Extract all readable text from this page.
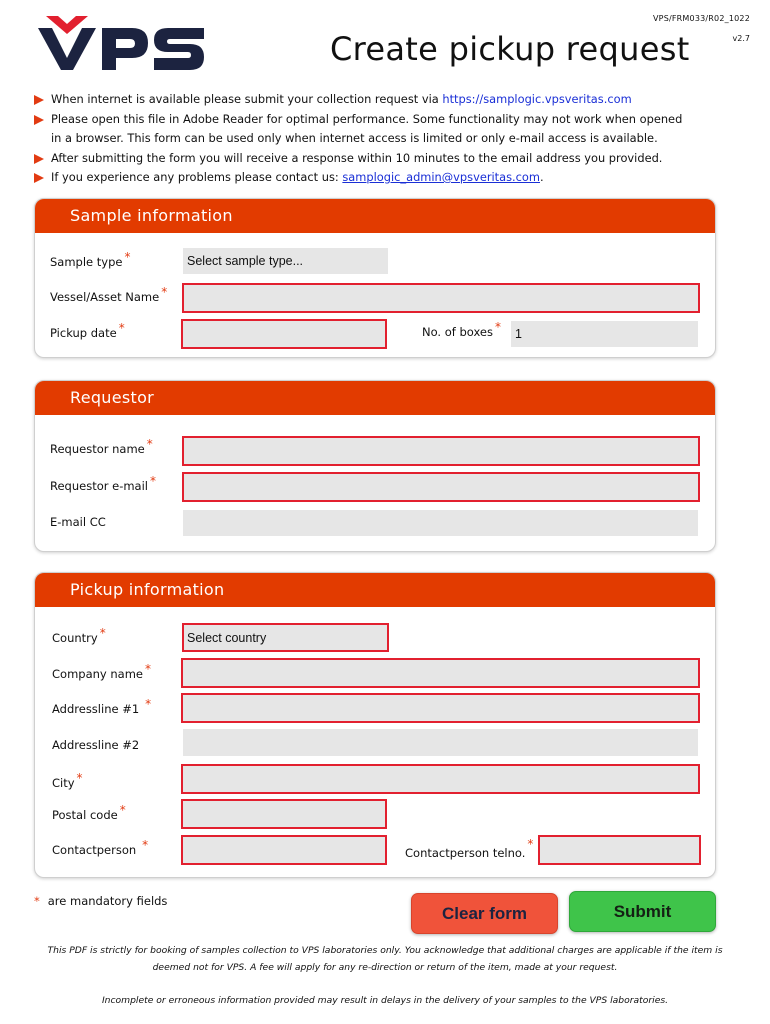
VPS/FRM033/R02_1022
v2.7
Create pickup request
When internet is available please submit your collection request via https://samplogic.vpsveritas.com
Please open this file in Adobe Reader for optimal performance. Some functionality may not work when opened
in a browser. This form can be used only when internet access is limited or only e-mail access is available.
After submitting the form you will receive a response within 10 minutes to the email address you provided.
If you experience any problems please contact us: samplogic_admin@vpsveritas.com.
Sample information
Sample type *	Select sample type...
Vessel/Asset Name *
Pickup date *	No. of boxes *	1
Requestor
Requestor name *
Requestor e-mail *
E-mail CC
Pickup information
Country *	Select country
Company name *
Addressline #1 *
Addressline #2
City *
Postal code *
Contactperson *
Contactperson telno.*
* are mandatory fields
Clear form	Submit
This PDF is strictly for booking of samples collection to VPS laboratories only. You acknowledge that additional charges are applicable if the item is
deemed not for VPS. A fee will apply for any re-direction or return of the item, made at your request.
Incomplete or erroneous information provided may result in delays in the delivery of your samples to the VPS laboratories.
